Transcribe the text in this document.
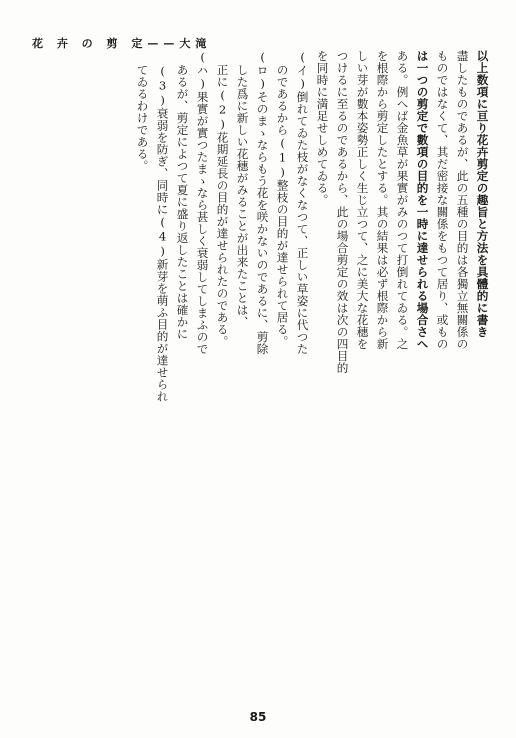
花 卉 の 剪 定——大滝
以上数項に亘り花卉剪定の趣旨と方法を具體的に書き
盡したものであるが、此の五種の目的は各獨立無關係の
ものではなくて、其だ密接な關係をもつて居り、或もの
は一つの剪定で數項の目的を一時に達せられる場合さへ
ある。例へば金魚草が果實がみのつて打倒れてゐる。之
を根際から剪定したとする。其の結果は必ず根際から新
しい芽が數本姿勢正しく生じ立つて、之に美大な花穗を
つけるに至るのであるから、此の場合剪定の效は次の四目的
を同時に満足せしめてゐる。
(イ)倒れてゐた枝がなくなつて、正しい草姿に代つた
のであるから(1)整枝の目的が達せられて居る。
(ロ)そのまゝならもう花を咲かないのであるに、剪除
した爲に新しい花穗がみることが出来たことは、
正に(2)花期延長の目的が達せられたのである。
(ハ)果實が實つたまゝなら甚しく衰弱してしまふので
あるが、剪定によつて夏に盛り返したことは確かに
(3)衰弱を防ぎ、同時に(4)新芽を萌ふ目的が達せられ
てゐるわけである。
85
